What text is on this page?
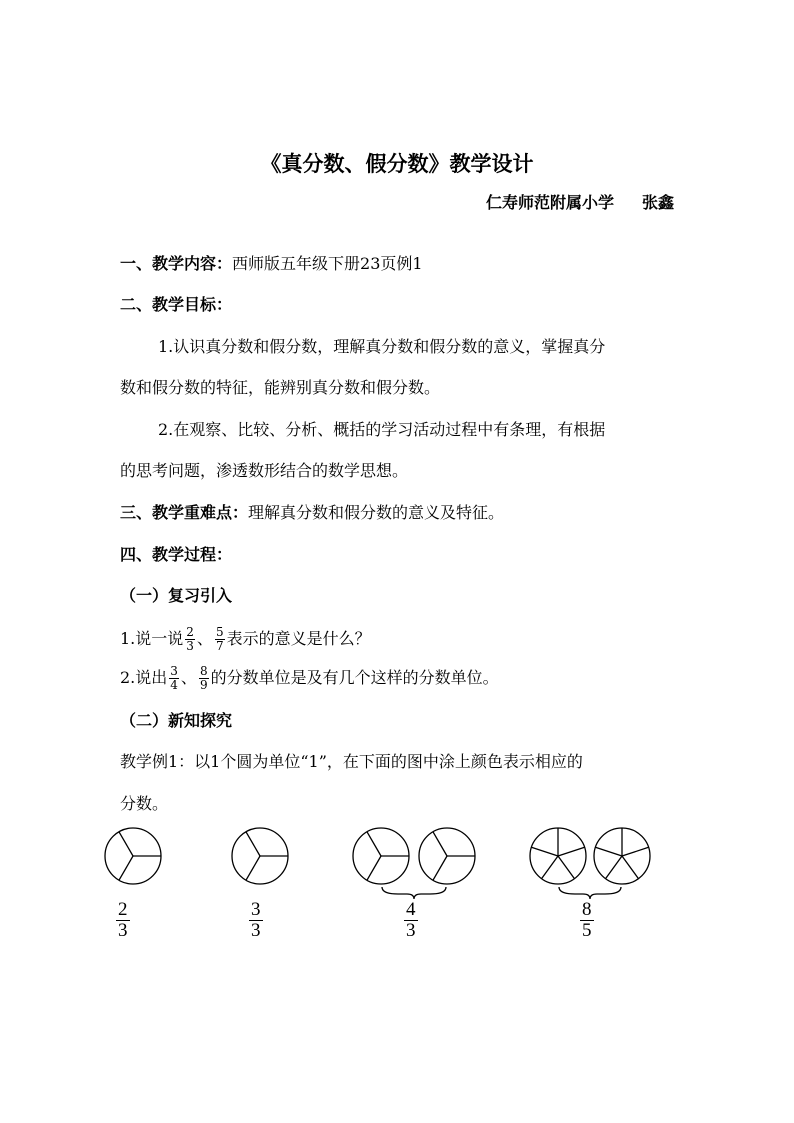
《真分数、假分数》教学设计
仁寿师范附属小学 张鑫
一、教学内容：西师版五年级下册23页例1
二、教学目标：
1.认识真分数和假分数，理解真分数和假分数的意义，掌握真分
数和假分数的特征，能辨别真分数和假分数。
2.在观察、比较、分析、概括的学习活动过程中有条理，有根据
的思考问题，渗透数形结合的数学思想。
三、教学重难点：理解真分数和假分数的意义及特征。
四、教学过程：
（一）复习引入
1.说一说 $\frac{2}{3}$ 、 $\frac{5}{7}$ 表示的意义是什么？
2.说出 $\frac{3}{4}$ 、 $\frac{8}{9}$ 的分数单位是及有几个这样的分数单位。
（二）新知探究
教学例1：以1个圆为单位“1”，在下面的图中涂上颜色表示相应的
分数。
$\frac{2}{3}$	$\frac{3}{3}$	$\frac{4}{3}$	$\frac{8}{5}$
